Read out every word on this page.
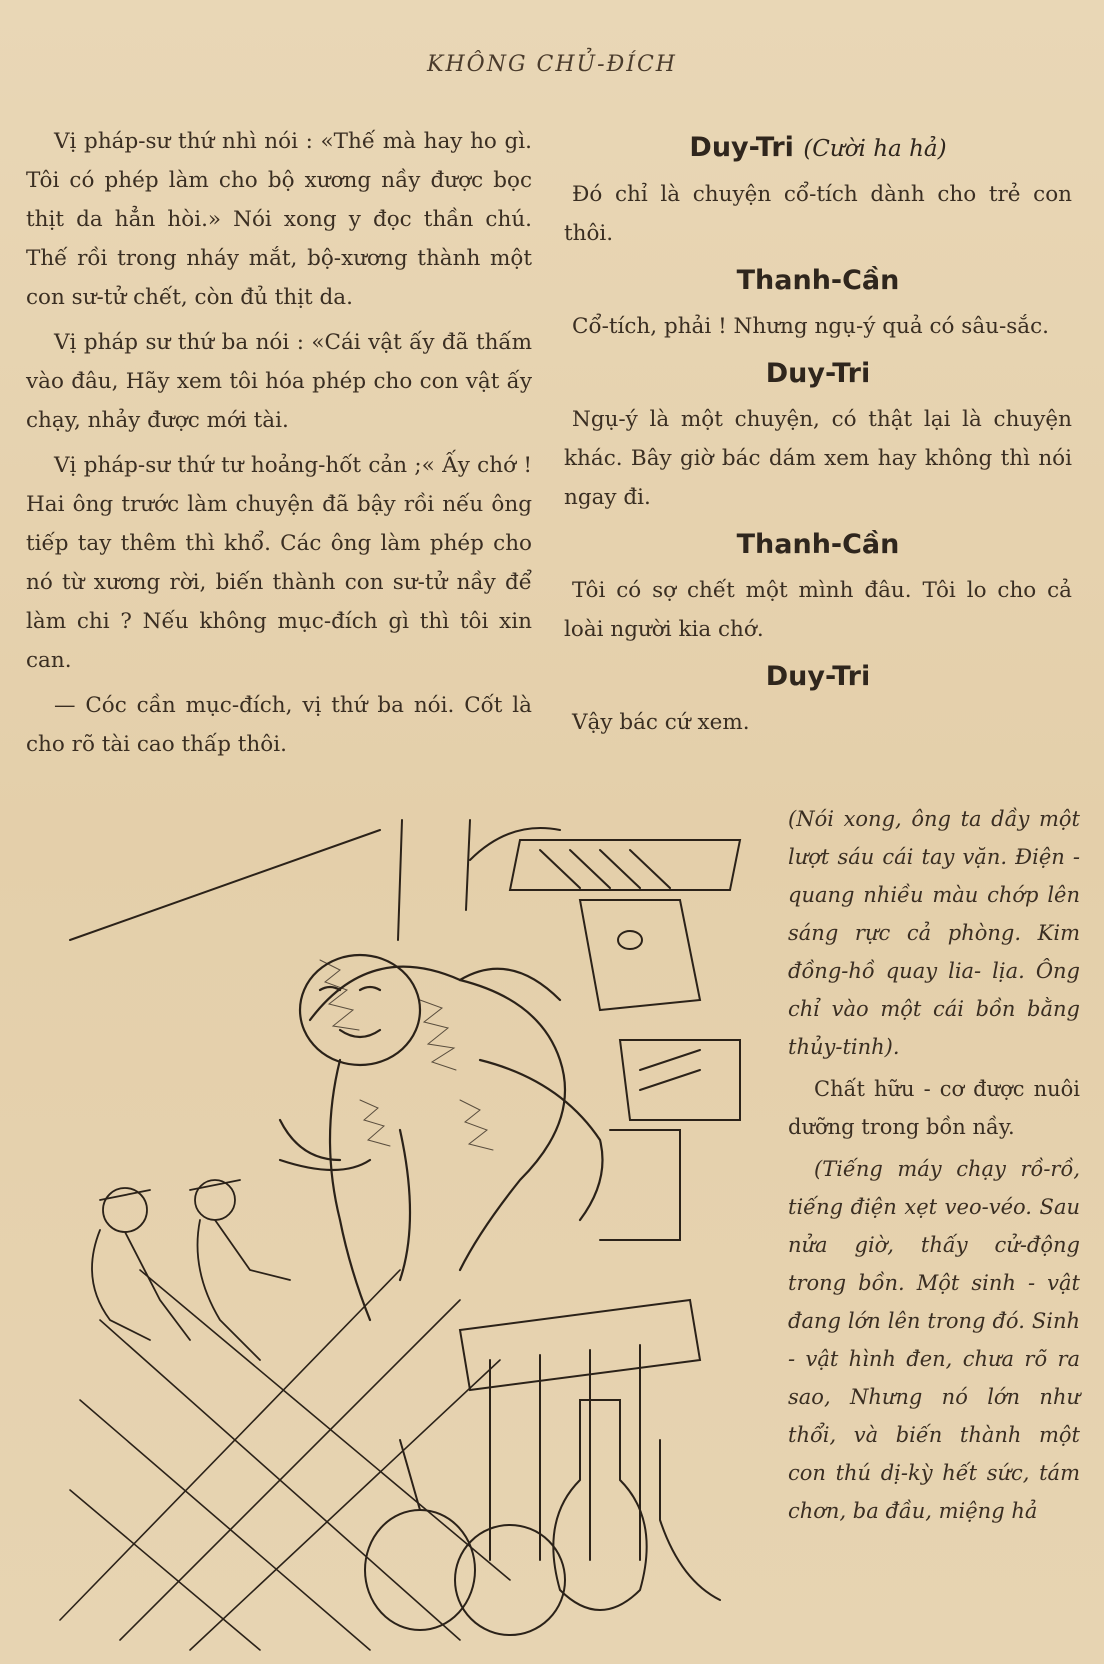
KHÔNG CHỦ-ĐÍCH

Vị pháp-sư thứ nhì nói : «Thế mà hay ho gì. Tôi có phép làm cho bộ xương nầy được bọc thịt da hẳn hòi.» Nói xong y đọc thần chú. Thế rồi trong nháy mắt, bộ-xương thành một con sư-tử chết, còn đủ thịt da.

Vị pháp sư thứ ba nói : «Cái vật ấy đã thấm vào đâu, Hãy xem tôi hóa phép cho con vật ấy chạy, nhảy được mới tài.

Vị pháp-sư thứ tư hoảng-hốt cản ;« Ấy chớ ! Hai ông trước làm chuyện đã bậy rồi nếu ông tiếp tay thêm thì khổ. Các ông làm phép cho nó từ xương rời, biến thành con sư-tử nầy để làm chi ? Nếu không mục-đích gì thì tôi xin can.

— Cóc cần mục-đích, vị thứ ba nói. Cốt là cho rõ tài cao thấp thôi.

Duy-Tri (Cười ha hả)

Đó chỉ là chuyện cổ-tích dành cho trẻ con thôi.

Thanh-Cần

Cổ-tích, phải ! Nhưng ngụ-ý quả có sâu-sắc.

Duy-Tri

Ngụ-ý là một chuyện, có thật lại là chuyện khác. Bây giờ bác dám xem hay không thì nói ngay đi.

Thanh-Cần

Tôi có sợ chết một mình đâu. Tôi lo cho cả loài người kia chớ.

Duy-Tri

Vậy bác cứ xem.

(Nói xong, ông ta dầy một lượt sáu cái tay vặn. Điện - quang nhiều màu chớp lên sáng rực cả phòng. Kim đồng-hồ quay lia- lịa. Ông chỉ vào một cái bồn bằng thủy-tinh).

Chất hữu - cơ được nuôi dưỡng trong bồn nầy.

(Tiếng máy chạy rồ-rồ, tiếng điện xẹt veo-véo. Sau nửa giờ, thấy cử-động trong bồn. Một sinh - vật đang lớn lên trong đó. Sinh - vật hình đen, chưa rõ ra sao, Nhưng nó lớn như thổi, và biến thành một con thú dị-kỳ hết sức, tám chơn, ba đầu, miệng hả
